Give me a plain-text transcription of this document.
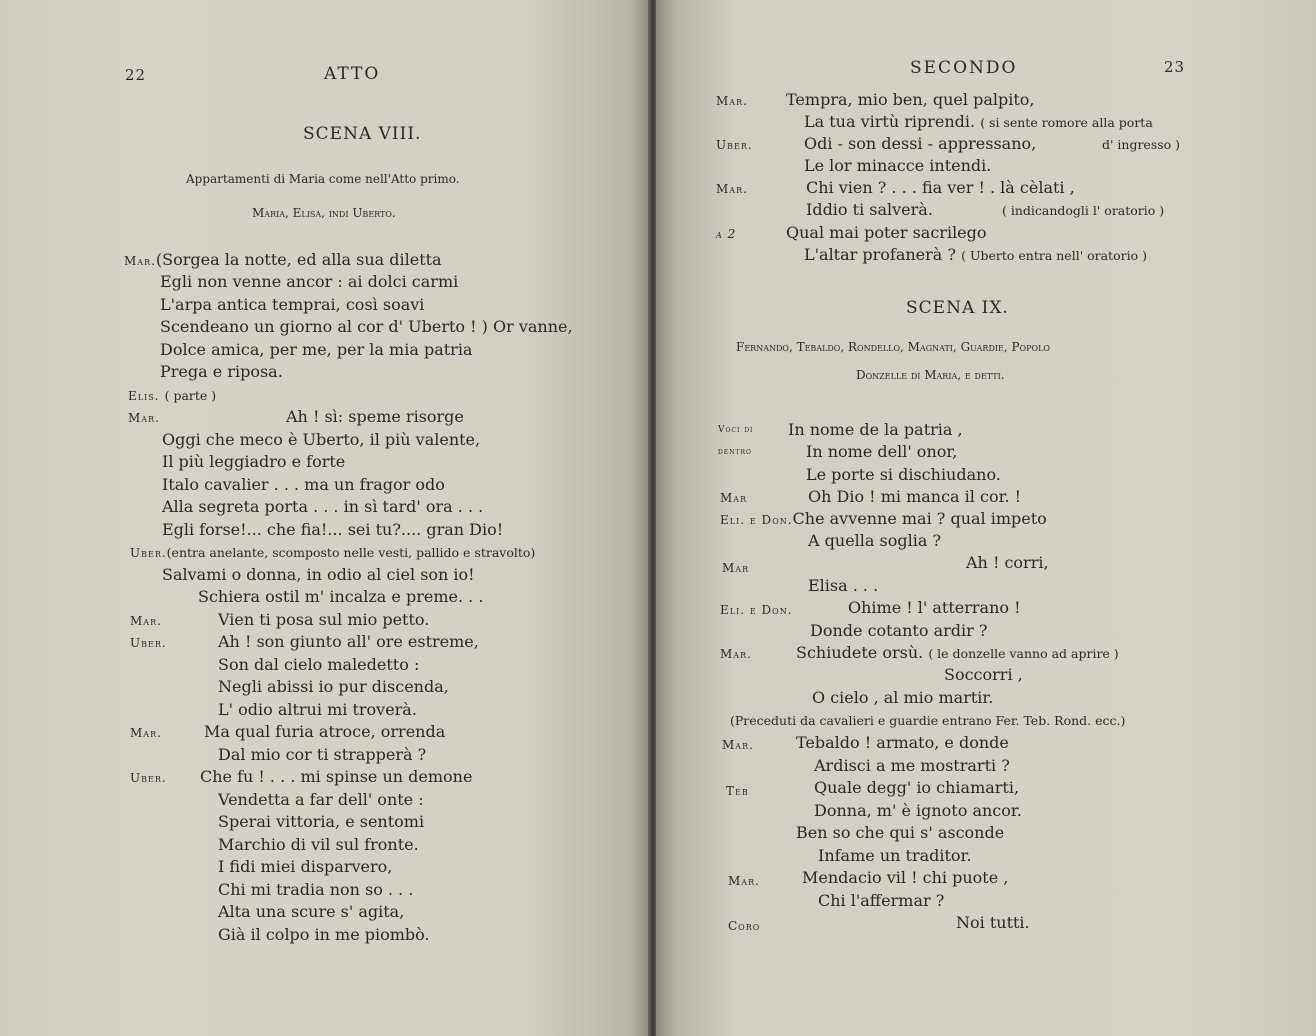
22	ATTO
SCENA VIII.
Appartamenti di Maria come nell'Atto primo.
Maria, Elisa, indi Uberto.
Mar.(Sorgea la notte, ed alla sua diletta
Egli non venne ancor : ai dolci carmi
L'arpa antica temprai, così soavi
Scendeano un giorno al cor d' Uberto ! ) Or vanne,
Dolce amica, per me, per la mia patria
Prega e riposa.
Elis. ( parte )
Mar.	Ah ! sì: speme risorge
Oggi che meco è Uberto, il più valente,
Il più leggiadro e forte
Italo cavalier . . . ma un fragor odo
Alla segreta porta . . . in sì tard' ora . . .
Egli forse!... che fia!... sei tu?.... gran Dio!
Uber.(entra anelante, scomposto nelle vesti, pallido e stravolto)
Salvami o donna, in odio al ciel son io!
Schiera ostil m' incalza e preme. . .
Mar.	Vien ti posa sul mio petto.
Uber.	Ah ! son giunto all' ore estreme,
Son dal cielo maledetto :
Negli abissi io pur discenda,
L' odio altrui mi troverà.
Mar.	Ma qual furia atroce, orrenda
Dal mio cor ti strapperà ?
Uber. Che fu ! . . . mi spinse un demone
Vendetta a far dell' onte :
Sperai vittoria, e sentomi
Marchio di vil sul fronte.
I fidi miei disparvero,
Chi mi tradia non so . . .
Alta una scure s' agita,
Già il colpo in me piombò.
SECONDO	23
Mar. Tempra, mio ben, quel palpito,
La tua virtù riprendi. ( si sente romore alla porta
Uber.	Odi - son dessi - appressano,	d' ingresso )
Le lor minacce intendi.
Mar.	Chi vien ? . . . fia ver ! . là cèlati ,
Iddio ti salverà.	( indicandogli l' oratorio )
a 2	Qual mai poter sacrilego
L'altar profanerà ? ( Uberto entra nell' oratorio )
SCENA IX.
Fernando, Tebaldo, Rondello, Magnati, Guardie, Popolo
Donzelle di Maria, e detti.
Voci di In nome de la patria ,
dentro	In nome dell' onor,
Le porte si dischiudano.
Mar	Oh Dio ! mi manca il cor. !
Eli. e Don.Che avvenne mai ? qual impeto
A quella soglia ?
Mar	Ah ! corri,
Elisa . . .
Eli. e Don.	Ohime ! l' atterrano !
Donde cotanto ardir ?
Mar.	Schiudete orsù. ( le donzelle vanno ad aprire )
Soccorri ,
O cielo , al mio martir.
(Preceduti da cavalieri e guardie entrano Fer. Teb. Rond. ecc.)
Mar.	Tebaldo ! armato, e donde
Ardisci a me mostrarti ?
Teb	Quale degg' io chiamarti,
Donna, m' è ignoto ancor.
Ben so che qui s' asconde
Infame un traditor.
Mar.	Mendacio vil ! chi puote ,
Chi l'affermar ?
Coro	Noi tutti.
